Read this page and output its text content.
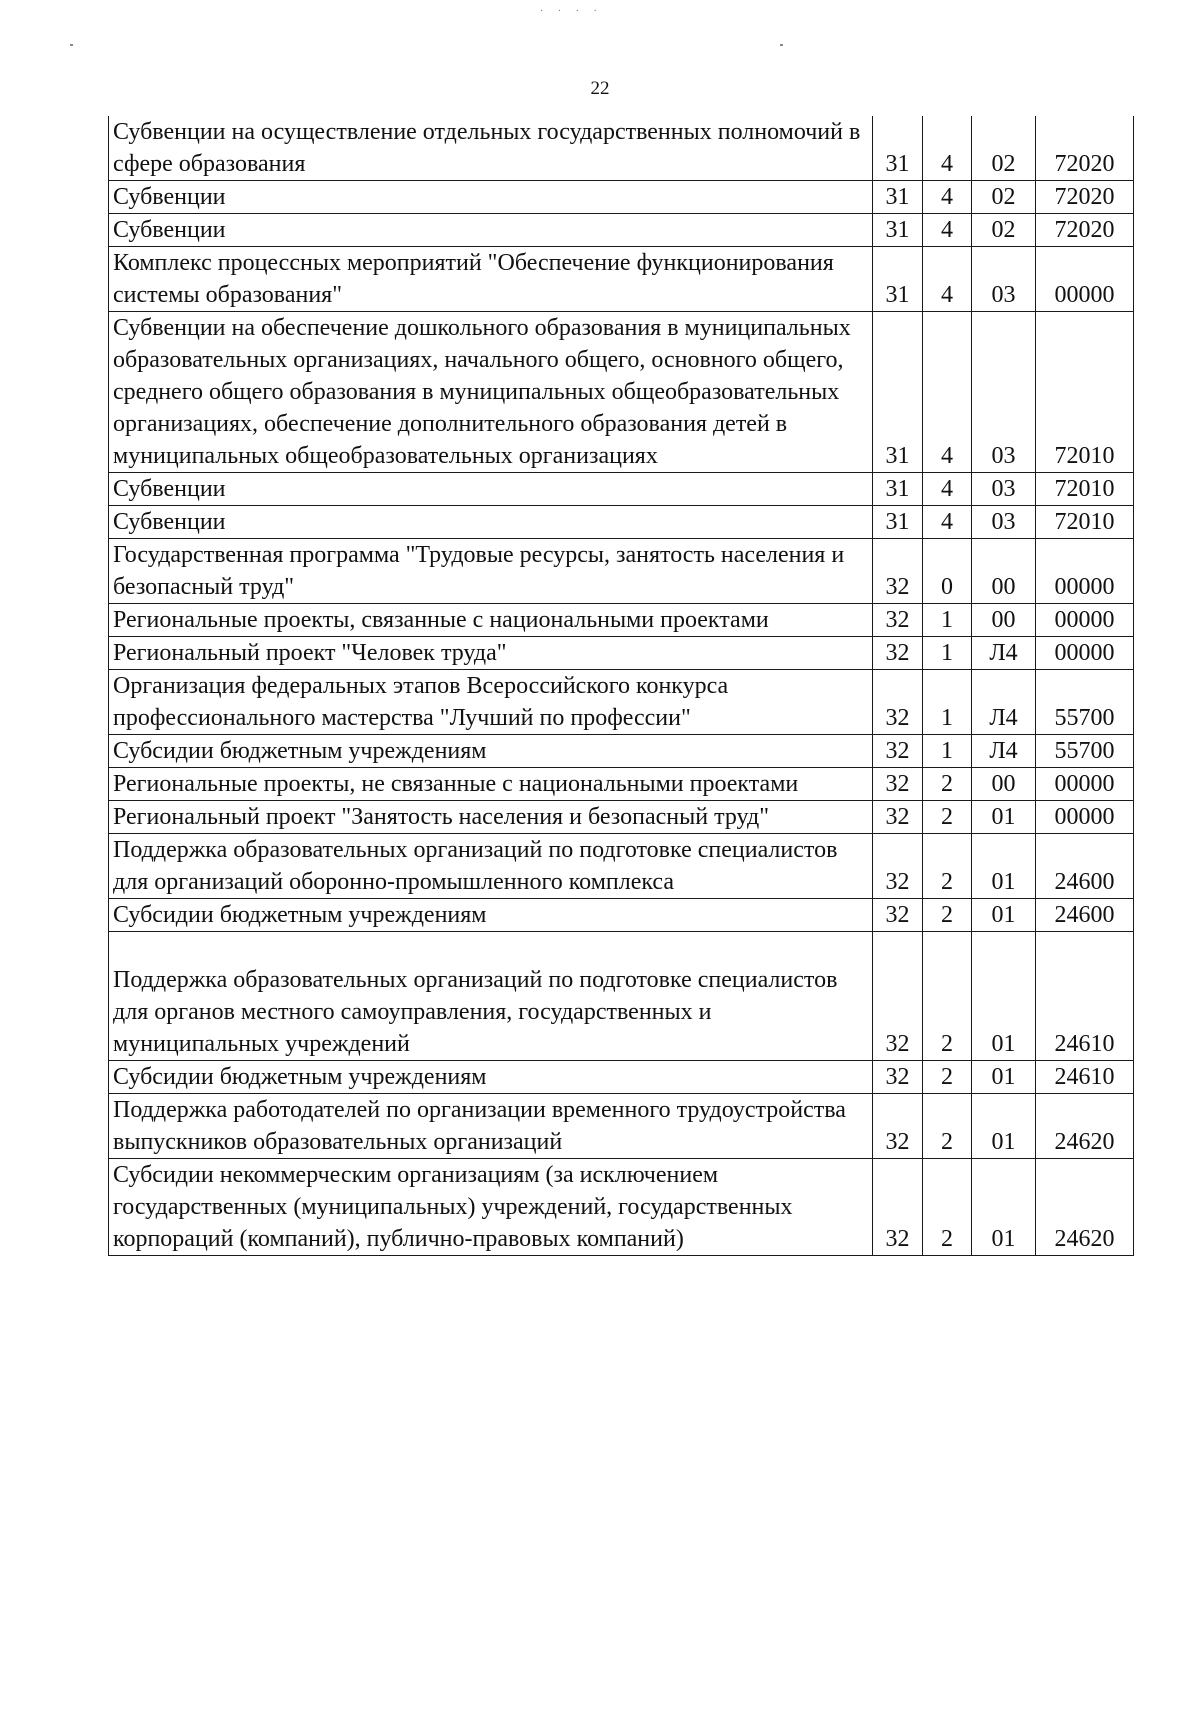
· · · ·
22
Субвенции на осуществление отдельных государственных полномочий в сфере образования	31	4	02	72020

Субвенции	31	4	02	72020

Субвенции	31	4	02	72020

Комплекс процессных мероприятий "Обеспечение функционирования системы образования"	31	4	03	00000

Субвенции на обеспечение дошкольного образования в муниципальных образовательных организациях, начального общего, основного общего, среднего общего образования в муниципальных общеобразовательных организациях, обеспечение дополнительного образования детей в муниципальных общеобразовательных организациях	31	4	03	72010

Субвенции	31	4	03	72010

Субвенции	31	4	03	72010

Государственная программа "Трудовые ресурсы, занятость населения и безопасный труд"	32	0	00	00000

Региональные проекты, связанные с национальными проектами	32	1	00	00000

Региональный проект "Человек труда"	32	1	Л4	00000

Организация федеральных этапов Всероссийского конкурса профессионального мастерства "Лучший по профессии"	32	1	Л4	55700

Субсидии бюджетным учреждениям	32	1	Л4	55700

Региональные проекты, не связанные с национальными проектами	32	2	00	00000

Региональный проект "Занятость населения и безопасный труд"	32	2	01	00000

Поддержка образовательных организаций по подготовке специалистов для организаций оборонно-промышленного комплекса	32	2	01	24600

Субсидии бюджетным учреждениям	32	2	01	24600

Поддержка образовательных организаций по подготовке специалистов для органов местного самоуправления, государственных и муниципальных учреждений	32	2	01	24610

Субсидии бюджетным учреждениям	32	2	01	24610

Поддержка работодателей по организации временного трудоустройства выпускников образовательных организаций	32	2	01	24620

Субсидии некоммерческим организациям (за исключением государственных (муниципальных) учреждений, государственных корпораций (компаний), публично-правовых компаний)	32	2	01	24620
